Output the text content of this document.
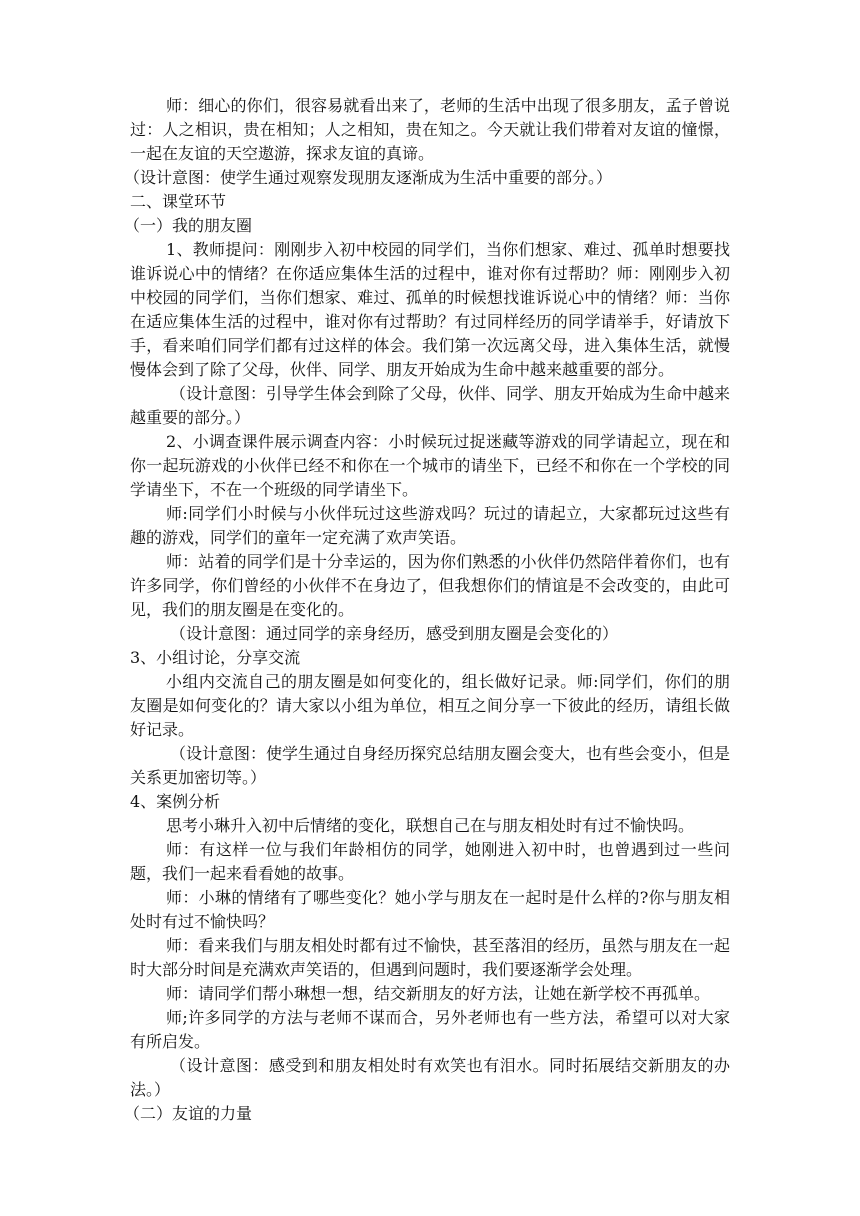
师：细心的你们，很容易就看出来了，老师的生活中出现了很多朋友，孟子曾说过：人之相识，贵在相知；人之相知，贵在知之。今天就让我们带着对友谊的憧憬，一起在友谊的天空遨游，探求友谊的真谛。

（设计意图：使学生通过观察发现朋友逐渐成为生活中重要的部分。）

二、课堂环节

（一）我的朋友圈

1、教师提问：刚刚步入初中校园的同学们，当你们想家、难过、孤单时想要找谁诉说心中的情绪？在你适应集体生活的过程中，谁对你有过帮助？师：刚刚步入初中校园的同学们，当你们想家、难过、孤单的时候想找谁诉说心中的情绪？师：当你在适应集体生活的过程中，谁对你有过帮助？有过同样经历的同学请举手，好请放下手，看来咱们同学们都有过这样的体会。我们第一次远离父母，进入集体生活，就慢慢体会到了除了父母，伙伴、同学、朋友开始成为生命中越来越重要的部分。

（设计意图：引导学生体会到除了父母，伙伴、同学、朋友开始成为生命中越来越重要的部分。）

2、小调查课件展示调查内容：小时候玩过捉迷藏等游戏的同学请起立，现在和你一起玩游戏的小伙伴已经不和你在一个城市的请坐下，已经不和你在一个学校的同学请坐下，不在一个班级的同学请坐下。

师:同学们小时候与小伙伴玩过这些游戏吗？玩过的请起立，大家都玩过这些有趣的游戏，同学们的童年一定充满了欢声笑语。

师：站着的同学们是十分幸运的，因为你们熟悉的小伙伴仍然陪伴着你们，也有许多同学，你们曾经的小伙伴不在身边了，但我想你们的情谊是不会改变的，由此可见，我们的朋友圈是在变化的。

（设计意图：通过同学的亲身经历，感受到朋友圈是会变化的）

3、小组讨论，分享交流

小组内交流自己的朋友圈是如何变化的，组长做好记录。师:同学们，你们的朋友圈是如何变化的？请大家以小组为单位，相互之间分享一下彼此的经历，请组长做好记录。

（设计意图：使学生通过自身经历探究总结朋友圈会变大，也有些会变小，但是关系更加密切等。）

4、案例分析

思考小琳升入初中后情绪的变化，联想自己在与朋友相处时有过不愉快吗。

师：有这样一位与我们年龄相仿的同学，她刚进入初中时，也曾遇到过一些问题，我们一起来看看她的故事。

师：小琳的情绪有了哪些变化？她小学与朋友在一起时是什么样的?你与朋友相处时有过不愉快吗？

师：看来我们与朋友相处时都有过不愉快，甚至落泪的经历，虽然与朋友在一起时大部分时间是充满欢声笑语的，但遇到问题时，我们要逐渐学会处理。

师：请同学们帮小琳想一想，结交新朋友的好方法，让她在新学校不再孤单。

师;许多同学的方法与老师不谋而合，另外老师也有一些方法，希望可以对大家有所启发。

（设计意图：感受到和朋友相处时有欢笑也有泪水。同时拓展结交新朋友的办法。）

（二）友谊的力量
